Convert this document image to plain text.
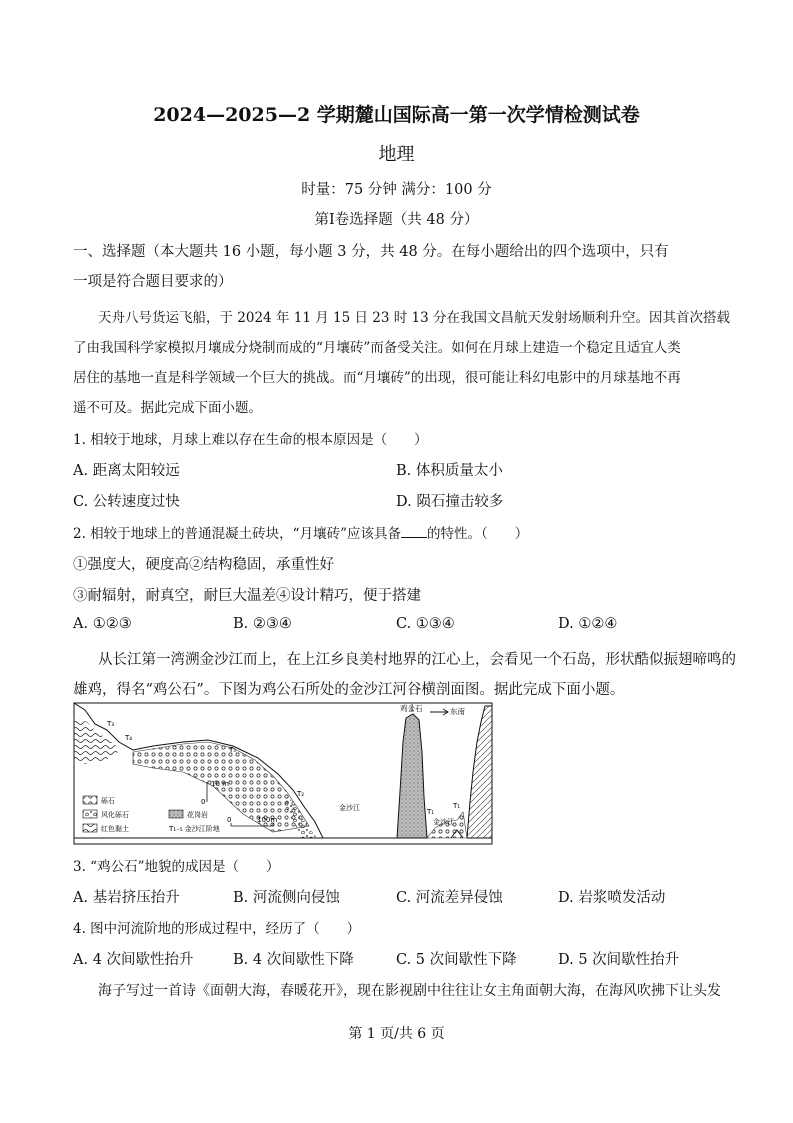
2024—2025—2 学期麓山国际高一第一次学情检测试卷
地理
时量：75 分钟 满分：100 分
第Ⅰ卷选择题（共 48 分）
一、选择题（本大题共 16 小题，每小题 3 分，共 48 分。在每小题给出的四个选项中，只有
一项是符合题目要求的）
天舟八号货运飞船，于 2024 年 11 月 15 日 23 时 13 分在我国文昌航天发射场顺利升空。因其首次搭载
了由我国科学家模拟月壤成分烧制而成的“月壤砖”而备受关注。如何在月球上建造一个稳定且适宜人类
居住的基地一直是科学领域一个巨大的挑战。而“月壤砖”的出现，很可能让科幻电影中的月球基地不再
遥不可及。据此完成下面小题。
1. 相较于地球，月球上难以存在生命的根本原因是（　　）
A. 距离太阳较远	B. 体积质量太小
C. 公转速度过快	D. 陨石撞击较多
2. 相较于地球上的普通混凝土砖块，“月壤砖”应该具备 的特性。（　　）
①强度大，硬度高②结构稳固，承重性好
③耐辐射，耐真空，耐巨大温差④设计精巧，便于搭建
A. ①②③	B. ②③④	C. ①③④	D. ①②④
从长江第一湾溯金沙江而上，在上江乡良美村地界的江心上，会看见一个石岛，形状酷似振翅啼鸣的
雄鸡，得名“鸡公石”。下图为鸡公石所处的金沙江河谷横剖面图。据此完成下面小题。
鸡公石	东南
T₃
T₄
T₅
T₂
T₁
T₁
金沙江
金沙江
10 m
0
砾石
风化砾石
红色黏土
花岗岩
T₁₋₅ 金沙江阶地
0	100m
3. “鸡公石”地貌的成因是（　　）
A. 基岩挤压抬升	B. 河流侧向侵蚀	C. 河流差异侵蚀	D. 岩浆喷发活动
4. 图中河流阶地的形成过程中，经历了（　　）
A. 4 次间歇性抬升	B. 4 次间歇性下降	C. 5 次间歇性下降	D. 5 次间歇性抬升
海子写过一首诗《面朝大海，春暖花开》，现在影视剧中往往让女主角面朝大海，在海风吹拂下让头发
第 1 页/共 6 页
